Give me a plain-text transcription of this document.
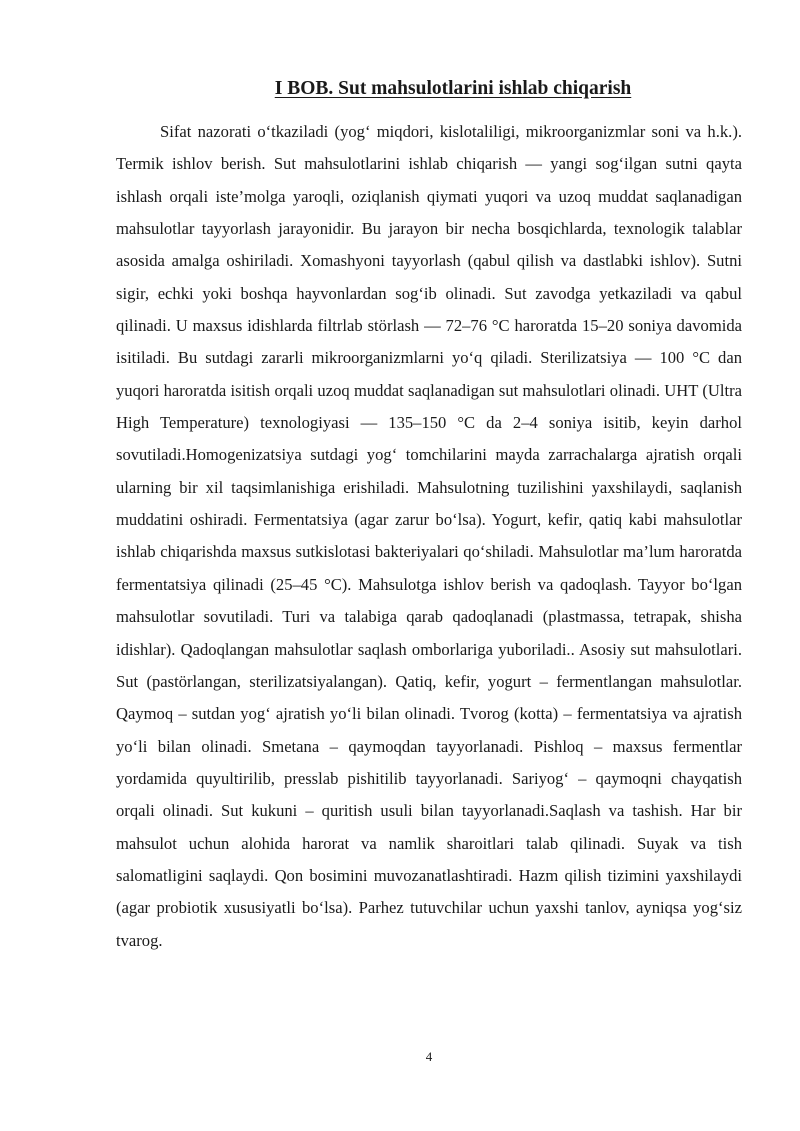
I BOB. Sut mahsulotlarini ishlab chiqarish

Sifat nazorati o‘tkaziladi (yog‘ miqdori, kislotaliligi, mikroorganizmlar soni va h.k.). Termik ishlov berish. Sut mahsulotlarini ishlab chiqarish — yangi sog‘ilgan sutni qayta ishlash orqali iste’molga yaroqli, oziqlanish qiymati yuqori va uzoq muddat saqlanadigan mahsulotlar tayyorlash jarayonidir. Bu jarayon bir necha bosqichlarda, texnologik talablar asosida amalga oshiriladi. Xomashyoni tayyorlash (qabul qilish va dastlabki ishlov). Sutni sigir, echki yoki boshqa hayvonlardan sog‘ib olinadi. Sut zavodga yetkaziladi va qabul qilinadi. U maxsus idishlarda filtrlab störlash — 72–76 °C haroratda 15–20 soniya davomida isitiladi. Bu sutdagi zararli mikroorganizmlarni yo‘q qiladi. Sterilizatsiya — 100 °C dan yuqori haroratda isitish orqali uzoq muddat saqlanadigan sut mahsulotlari olinadi. UHT (Ultra High Temperature) texnologiyasi — 135–150 °C da 2–4 soniya isitib, keyin darhol sovutiladi.Homogenizatsiya sutdagi yog‘ tomchilarini mayda zarrachalarga ajratish orqali ularning bir xil taqsimlanishiga erishiladi. Mahsulotning tuzilishini yaxshilaydi, saqlanish muddatini oshiradi. Fermentatsiya (agar zarur bo‘lsa). Yogurt, kefir, qatiq kabi mahsulotlar ishlab chiqarishda maxsus sutkislotasi bakteriyalari qo‘shiladi. Mahsulotlar ma’lum haroratda fermentatsiya qilinadi (25–45 °C). Mahsulotga ishlov berish va qadoqlash. Tayyor bo‘lgan mahsulotlar sovutiladi. Turi va talabiga qarab qadoqlanadi (plastmassa, tetrapak, shisha idishlar). Qadoqlangan mahsulotlar saqlash omborlariga yuboriladi.. Asosiy sut mahsulotlari. Sut (pastörlangan, sterilizatsiyalangan). Qatiq, kefir, yogurt – fermentlangan mahsulotlar. Qaymoq – sutdan yog‘ ajratish yo‘li bilan olinadi. Tvorog (kotta) – fermentatsiya va ajratish yo‘li bilan olinadi. Smetana – qaymoqdan tayyorlanadi. Pishloq – maxsus fermentlar yordamida quyultirilib, presslab pishitilib tayyorlanadi. Sariyog‘ – qaymoqni chayqatish orqali olinadi. Sut kukuni – quritish usuli bilan tayyorlanadi.Saqlash va tashish. Har bir mahsulot uchun alohida harorat va namlik sharoitlari talab qilinadi. Suyak va tish salomatligini saqlaydi. Qon bosimini muvozanatlashtiradi. Hazm qilish tizimini yaxshilaydi (agar probiotik xususiyatli bo‘lsa). Parhez tutuvchilar uchun yaxshi tanlov, ayniqsa yog‘siz tvarog.

4
